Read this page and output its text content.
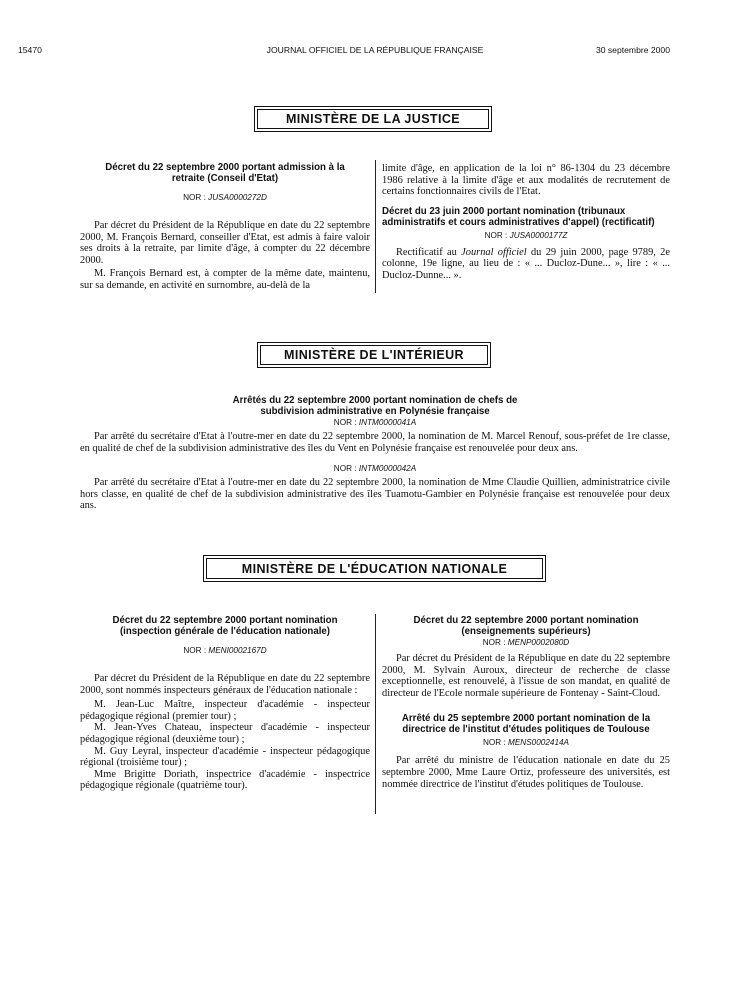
15470	JOURNAL OFFICIEL DE LA RÉPUBLIQUE FRANÇAISE	30 septembre 2000
MINISTÈRE DE LA JUSTICE
Décret du 22 septembre 2000 portant admission à la retraite (Conseil d'Etat)
NOR : JUSA0000272D

Par décret du Président de la République en date du 22 septembre 2000, M. François Bernard, conseiller d'Etat, est admis à faire valoir ses droits à la retraite, par limite d'âge, à compter du 22 décembre 2000.

M. François Bernard est, à compter de la même date, maintenu, sur sa demande, en activité en surnombre, au-delà de la

limite d'âge, en application de la loi n° 86-1304 du 23 décembre 1986 relative à la limite d'âge et aux modalités de recrutement de certains fonctionnaires civils de l'Etat.

Décret du 23 juin 2000 portant nomination (tribunaux administratifs et cours administratives d'appel) (rectificatif)
NOR : JUSA0000177Z

Rectificatif au Journal officiel du 29 juin 2000, page 9789, 2e colonne, 19e ligne, au lieu de : « ... Ducloz-Dune... », lire : « ... Ducloz-Dunne... ».

MINISTÈRE DE L'INTÉRIEUR
Arrêtés du 22 septembre 2000 portant nomination de chefs de subdivision administrative en Polynésie française
NOR : INTM0000041A

Par arrêté du secrétaire d'Etat à l'outre-mer en date du 22 septembre 2000, la nomination de M. Marcel Renouf, sous-préfet de 1re classe, en qualité de chef de la subdivision administrative des îles du Vent en Polynésie française est renouvelée pour deux ans.

NOR : INTM0000042A

Par arrêté du secrétaire d'Etat à l'outre-mer en date du 22 septembre 2000, la nomination de Mme Claudie Quillien, administratrice civile hors classe, en qualité de chef de la subdivision administrative des îles Tuamotu-Gambier en Polynésie française est renouvelée pour deux ans.

MINISTÈRE DE L'ÉDUCATION NATIONALE
Décret du 22 septembre 2000 portant nomination (inspection générale de l'éducation nationale)
NOR : MENI0002167D

Par décret du Président de la République en date du 22 septembre 2000, sont nommés inspecteurs généraux de l'éducation nationale :

M. Jean-Luc Maître, inspecteur d'académie - inspecteur pédagogique régional (premier tour) ;

M. Jean-Yves Chateau, inspecteur d'académie - inspecteur pédagogique régional (deuxième tour) ;

M. Guy Leyral, inspecteur d'académie - inspecteur pédagogique régional (troisième tour) ;

Mme Brigitte Doriath, inspectrice d'académie - inspectrice pédagogique régionale (quatrième tour).

Décret du 22 septembre 2000 portant nomination (enseignements supérieurs)
NOR : MENP0002080D

Par décret du Président de la République en date du 22 septembre 2000, M. Sylvain Auroux, directeur de recherche de classe exceptionnelle, est renouvelé, à l'issue de son mandat, en qualité de directeur de l'Ecole normale supérieure de Fontenay - Saint-Cloud.

Arrêté du 25 septembre 2000 portant nomination de la directrice de l'institut d'études politiques de Toulouse
NOR : MENS0002414A

Par arrêté du ministre de l'éducation nationale en date du 25 septembre 2000, Mme Laure Ortiz, professeure des universités, est nommée directrice de l'institut d'études politiques de Toulouse.
